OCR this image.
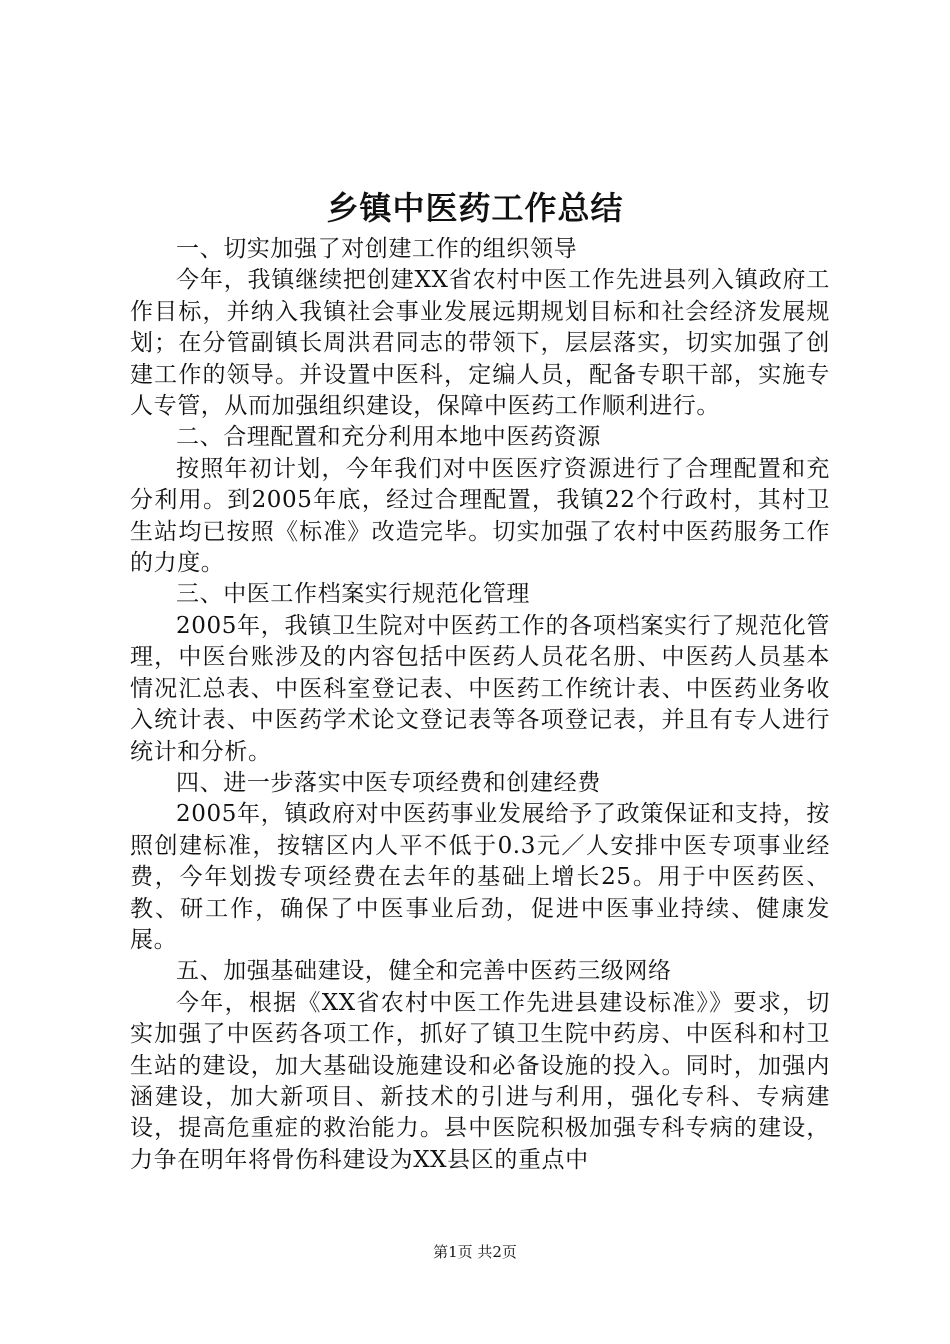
乡镇中医药工作总结

一、切实加强了对创建工作的组织领导

今年，我镇继续把创建XX省农村中医工作先进县列入镇政府工作目标，并纳入我镇社会事业发展远期规划目标和社会经济发展规划；在分管副镇长周洪君同志的带领下，层层落实，切实加强了创建工作的领导。并设置中医科，定编人员，配备专职干部，实施专人专管，从而加强组织建设，保障中医药工作顺利进行。

二、合理配置和充分利用本地中医药资源

按照年初计划，今年我们对中医医疗资源进行了合理配置和充分利用。到2005年底，经过合理配置，我镇22个行政村，其村卫生站均已按照《标准》改造完毕。切实加强了农村中医药服务工作的力度。

三、中医工作档案实行规范化管理

2005年，我镇卫生院对中医药工作的各项档案实行了规范化管理，中医台账涉及的内容包括中医药人员花名册、中医药人员基本情况汇总表、中医科室登记表、中医药工作统计表、中医药业务收入统计表、中医药学术论文登记表等各项登记表，并且有专人进行统计和分析。

四、进一步落实中医专项经费和创建经费

2005年，镇政府对中医药事业发展给予了政策保证和支持，按照创建标准，按辖区内人平不低于0.3元／人安排中医专项事业经费，今年划拨专项经费在去年的基础上增长25。用于中医药医、教、研工作，确保了中医事业后劲，促进中医事业持续、健康发展。

五、加强基础建设，健全和完善中医药三级网络

今年，根据《XX省农村中医工作先进县建设标准》》要求，切实加强了中医药各项工作，抓好了镇卫生院中药房、中医科和村卫生站的建设，加大基础设施建设和必备设施的投入。同时，加强内涵建设，加大新项目、新技术的引进与利用，强化专科、专病建设，提高危重症的救治能力。县中医院积极加强专科专病的建设，力争在明年将骨伤科建设为XX县区的重点中

第1页 共2页
